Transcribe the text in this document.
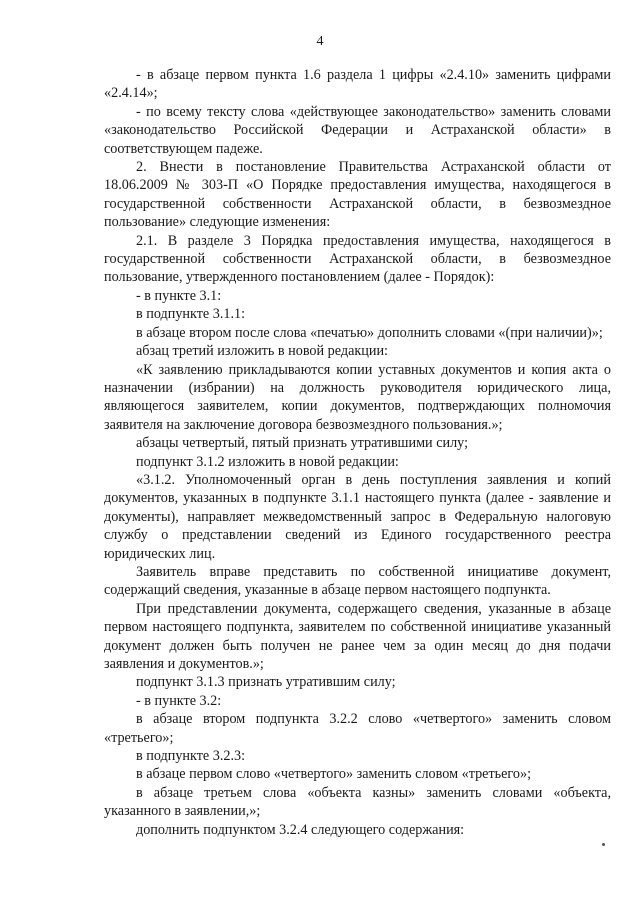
4

- в абзаце первом пункта 1.6 раздела 1 цифры «2.4.10» заменить цифрами «2.4.14»;

- по всему тексту слова «действующее законодательство» заменить словами «законодательство Российской Федерации и Астраханской области» в соответствующем падеже.

2. Внести в постановление Правительства Астраханской области от 18.06.2009 № 303-П «О Порядке предоставления имущества, находящегося в государственной собственности Астраханской области, в безвозмездное пользование» следующие изменения:

2.1. В разделе 3 Порядка предоставления имущества, находящегося в государственной собственности Астраханской области, в безвозмездное пользование, утвержденного постановлением (далее - Порядок):

- в пункте 3.1:

в подпункте 3.1.1:

в абзаце втором после слова «печатью» дополнить словами «(при наличии)»;

абзац третий изложить в новой редакции:

«К заявлению прикладываются копии уставных документов и копия акта о назначении (избрании) на должность руководителя юридического лица, являющегося заявителем, копии документов, подтверждающих полномочия заявителя на заключение договора безвозмездного пользования.»;

абзацы четвертый, пятый признать утратившими силу;

подпункт 3.1.2 изложить в новой редакции:

«3.1.2. Уполномоченный орган в день поступления заявления и копий документов, указанных в подпункте 3.1.1 настоящего пункта (далее - заявление и документы), направляет межведомственный запрос в Федеральную налоговую службу о представлении сведений из Единого государственного реестра юридических лиц.

Заявитель вправе представить по собственной инициативе документ, содержащий сведения, указанные в абзаце первом настоящего подпункта.

При представлении документа, содержащего сведения, указанные в абзаце первом настоящего подпункта, заявителем по собственной инициативе указанный документ должен быть получен не ранее чем за один месяц до дня подачи заявления и документов.»;

подпункт 3.1.3 признать утратившим силу;

- в пункте 3.2:

в абзаце втором подпункта 3.2.2 слово «четвертого» заменить словом «третьего»;

в подпункте 3.2.3:

в абзаце первом слово «четвертого» заменить словом «третьего»;

в абзаце третьем слова «объекта казны» заменить словами «объекта, указанного в заявлении,»;

дополнить подпунктом 3.2.4 следующего содержания:
